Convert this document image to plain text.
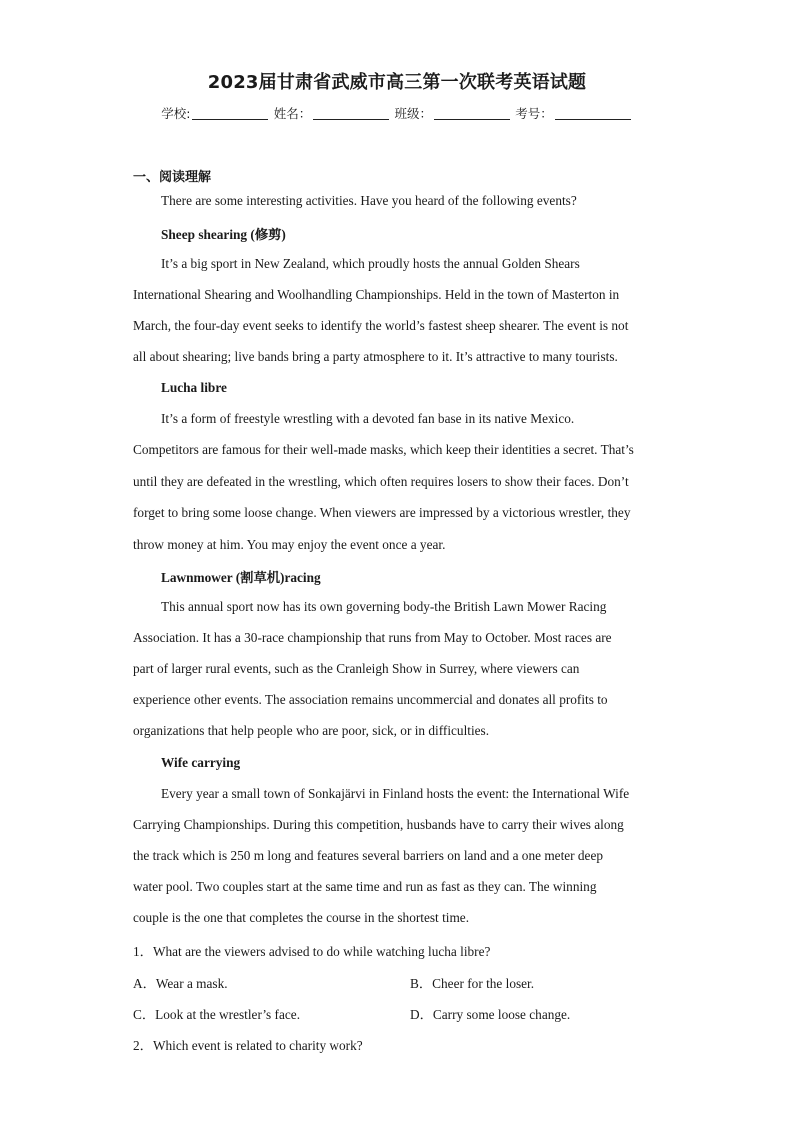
2023届甘肃省武威市高三第一次联考英语试题
学校:	姓名：	班级：	考号：
一、阅读理解
There are some interesting activities. Have you heard of the following events?
Sheep shearing (修剪)
It’s a big sport in New Zealand, which proudly hosts the annual Golden Shears
International Shearing and Woolhandling Championships. Held in the town of Masterton in
March, the four-day event seeks to identify the world’s fastest sheep shearer. The event is not
all about shearing; live bands bring a party atmosphere to it. It’s attractive to many tourists.
Lucha libre
It’s a form of freestyle wrestling with a devoted fan base in its native Mexico.
Competitors are famous for their well-made masks, which keep their identities a secret. That’s
until they are defeated in the wrestling, which often requires losers to show their faces. Don’t
forget to bring some loose change. When viewers are impressed by a victorious wrestler, they
throw money at him. You may enjoy the event once a year.
Lawnmower (割草机)racing
This annual sport now has its own governing body-the British Lawn Mower Racing
Association. It has a 30-race championship that runs from May to October. Most races are
part of larger rural events, such as the Cranleigh Show in Surrey, where viewers can
experience other events. The association remains uncommercial and donates all profits to
organizations that help people who are poor, sick, or in difficulties.
Wife carrying
Every year a small town of Sonkajärvi in Finland hosts the event: the International Wife
Carrying Championships. During this competition, husbands have to carry their wives along
the track which is 250 m long and features several barriers on land and a one meter deep
water pool. Two couples start at the same time and run as fast as they can. The winning
couple is the one that completes the course in the shortest time.
1．What are the viewers advised to do while watching lucha libre?
A．Wear a mask.	B．Cheer for the loser.
C．Look at the wrestler’s face.	D．Carry some loose change.
2．Which event is related to charity work?
